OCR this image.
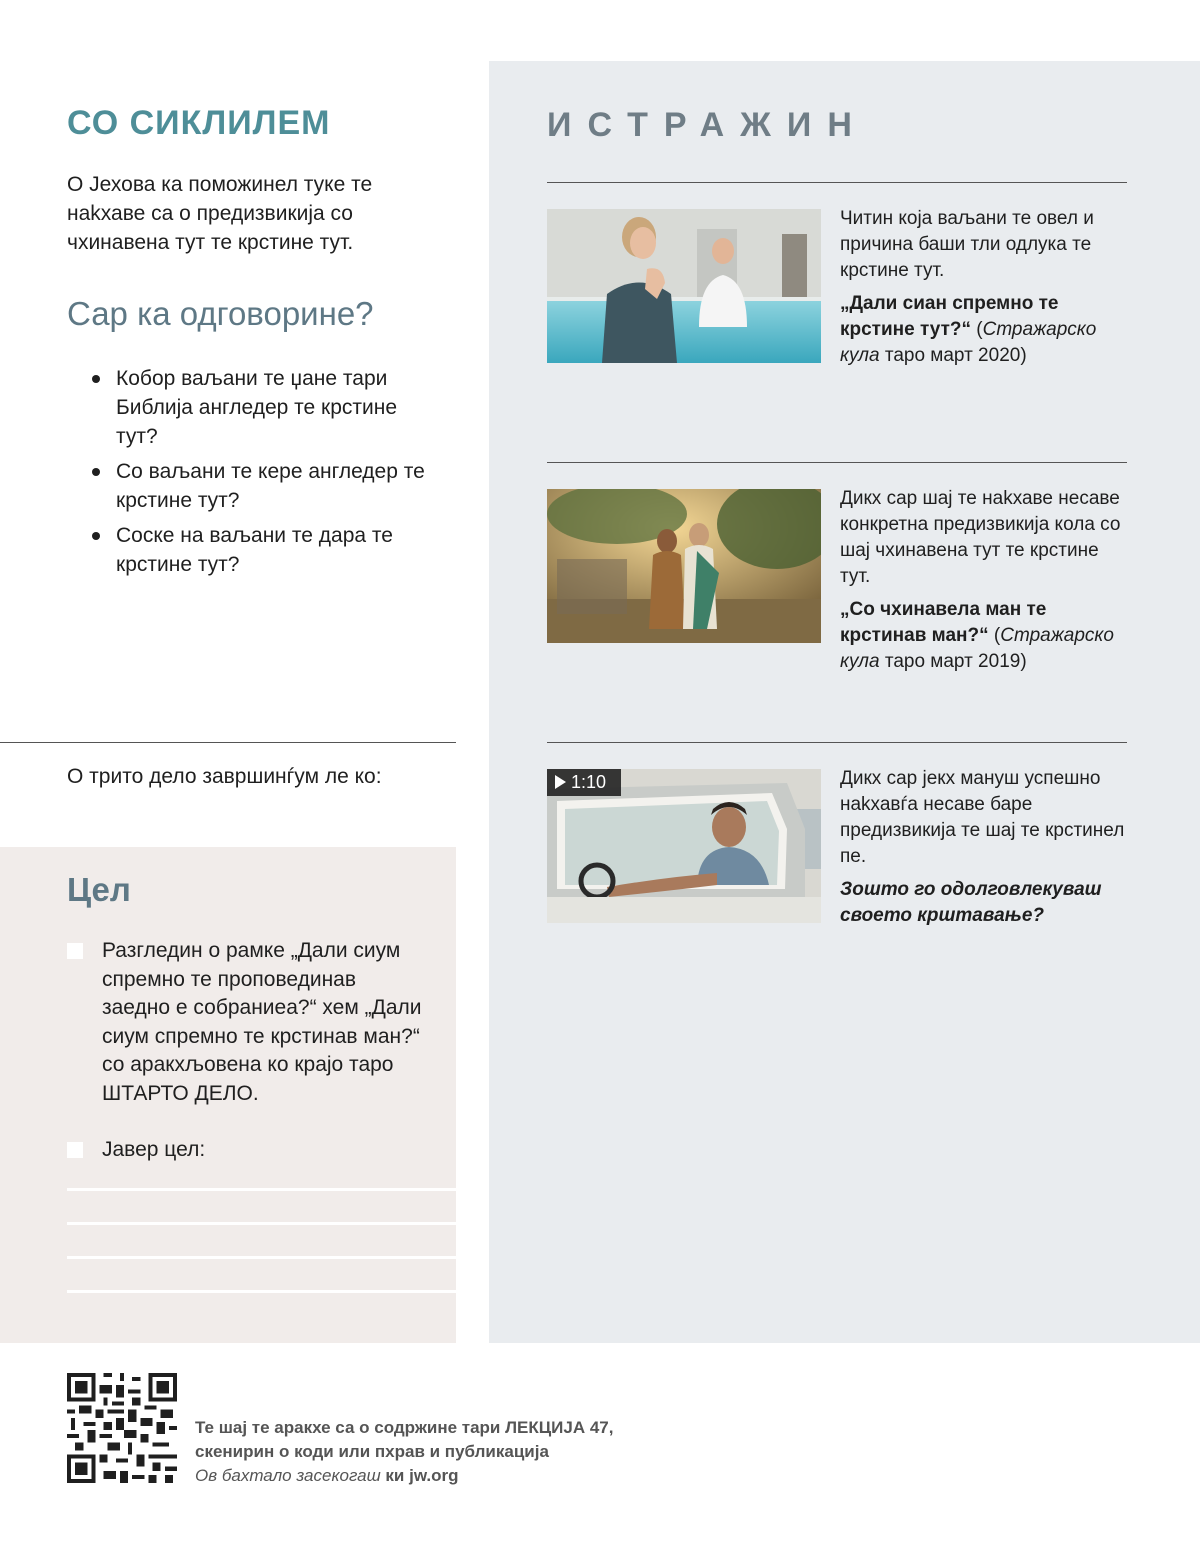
СО СИКЛИЛЕМ
О Јехова ка поможинел туке те нakхаве са о предизвикија со чхинавена тут те крстине тут.
Сар ка одговорине?
Кобор ваљани те џане тари Библија англедер те крстине тут?
Со ваљани те кере англедер те крстине тут?
Соске на ваљани те дара те крстине тут?
О трито дело завршинѓум ле ко:
Цел
Разгледин о рамке „Дали сиум спремно те проповединав заедно е собраниеа?“ хем „Дали сиум спремно те крстинав ман?“ со аракхљовена ко крајо таро ШТАРТО ДЕЛО.
Јавер цел:
ИСТРАЖИН

Читин која ваљани те овел и причина баши тли одлука те крстине тут.

„Дали сиан спремно те крстине тут?“ (Стражарско кула таро март 2020)

Дикх сар шај те нakхаве несаве конкретна предизвикија кола со шај чхинавена тут те крстине тут.

„Со чхинавела ман те крстинав ман?“ (Стражарско кула таро март 2019)

1:10	Дикх сар јекх мануш успешно нakхавѓа несаве баре предизвикија те шај те крстинел пе.

Зошто го одолговлекуваш своето крштавање?

Те шај те аракхе са о содржине тари ЛЕКЦИЈА 47,
скенирин о коди или пхрав и публикација
Ов бахтало засекогаш ки jw.org
